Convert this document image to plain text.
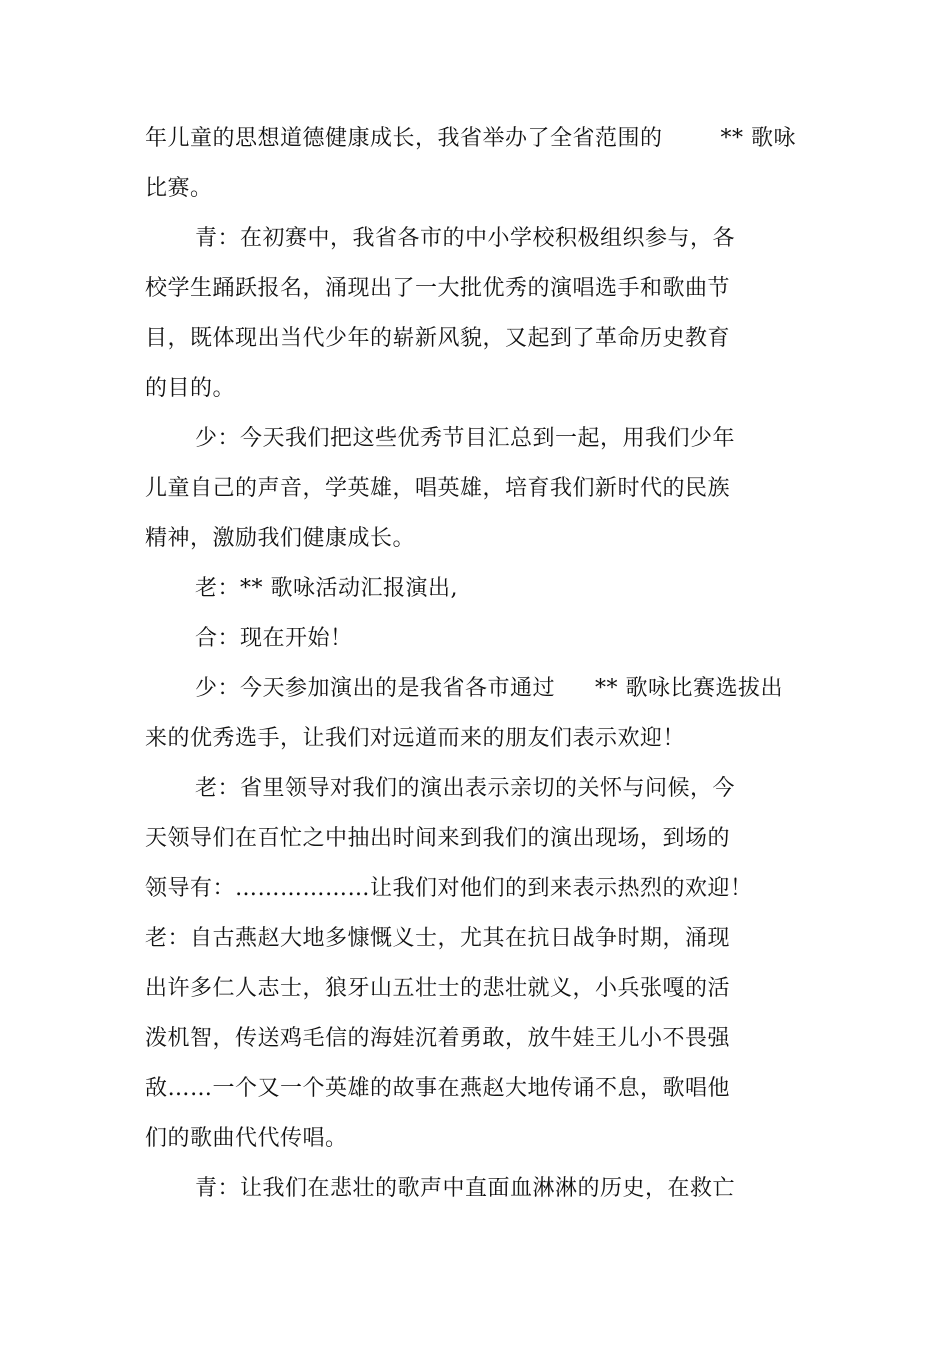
年儿童的思想道德健康成长，我省举办了全省范围的	** 歌咏
比赛。
青：在初赛中，我省各市的中小学校积极组织参与，各
校学生踊跃报名，涌现出了一大批优秀的演唱选手和歌曲节
目，既体现出当代少年的崭新风貌，又起到了革命历史教育
的目的。
少：今天我们把这些优秀节目汇总到一起，用我们少年
儿童自己的声音，学英雄，唱英雄，培育我们新时代的民族
精神，激励我们健康成长。
老：** 歌咏活动汇报演出,
合：现在开始！
少：今天参加演出的是我省各市通过 ** 歌咏比赛选拔出
来的优秀选手，让我们对远道而来的朋友们表示欢迎！
老：省里领导对我们的演出表示亲切的关怀与问候，今
天领导们在百忙之中抽出时间来到我们的演出现场，到场的
领导有：………………让我们对他们的到来表示热烈的欢迎！
老：自古燕赵大地多慷慨义士，尤其在抗日战争时期，涌现
出许多仁人志士，狼牙山五壮士的悲壮就义，小兵张嘎的活
泼机智，传送鸡毛信的海娃沉着勇敢，放牛娃王儿小不畏强
敌……一个又一个英雄的故事在燕赵大地传诵不息，歌唱他
们的歌曲代代传唱。
青：让我们在悲壮的歌声中直面血淋淋的历史，在救亡
